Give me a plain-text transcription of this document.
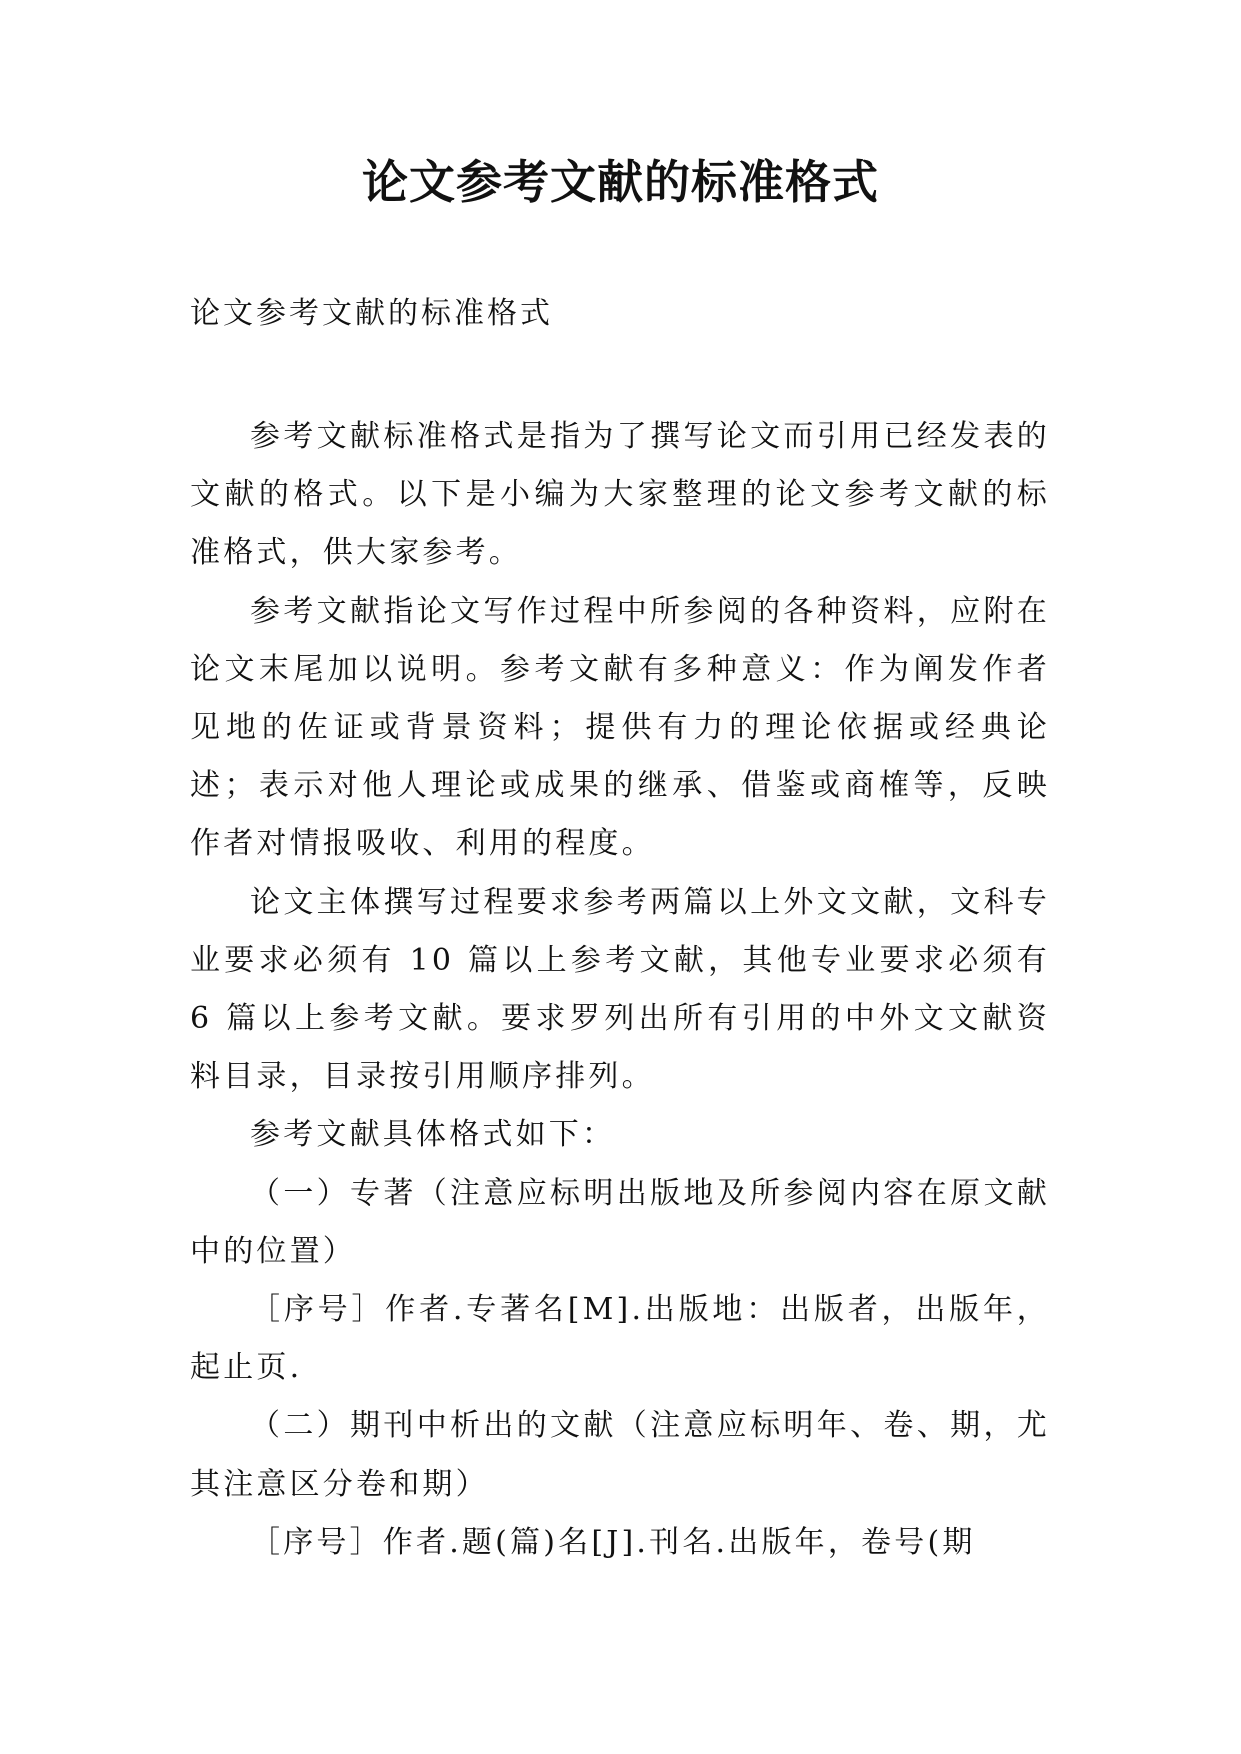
论文参考文献的标准格式
论文参考文献的标准格式

参考文献标准格式是指为了撰写论文而引用已经发表的文献的格式。以下是小编为大家整理的论文参考文献的标准格式，供大家参考。

参考文献指论文写作过程中所参阅的各种资料，应附在论文末尾加以说明。参考文献有多种意义：作为阐发作者见地的佐证或背景资料；提供有力的理论依据或经典论述；表示对他人理论或成果的继承、借鉴或商榷等，反映作者对情报吸收、利用的程度。

论文主体撰写过程要求参考两篇以上外文文献，文科专业要求必须有 10 篇以上参考文献，其他专业要求必须有 6 篇以上参考文献。要求罗列出所有引用的中外文文献资料目录，目录按引用顺序排列。

参考文献具体格式如下：

（一）专著（注意应标明出版地及所参阅内容在原文献中的位置）

［序号］作者.专著名[M].出版地：出版者，出版年，起止页.

（二）期刊中析出的文献（注意应标明年、卷、期，尤其注意区分卷和期）

［序号］作者.题(篇)名[J].刊名.出版年，卷号(期
